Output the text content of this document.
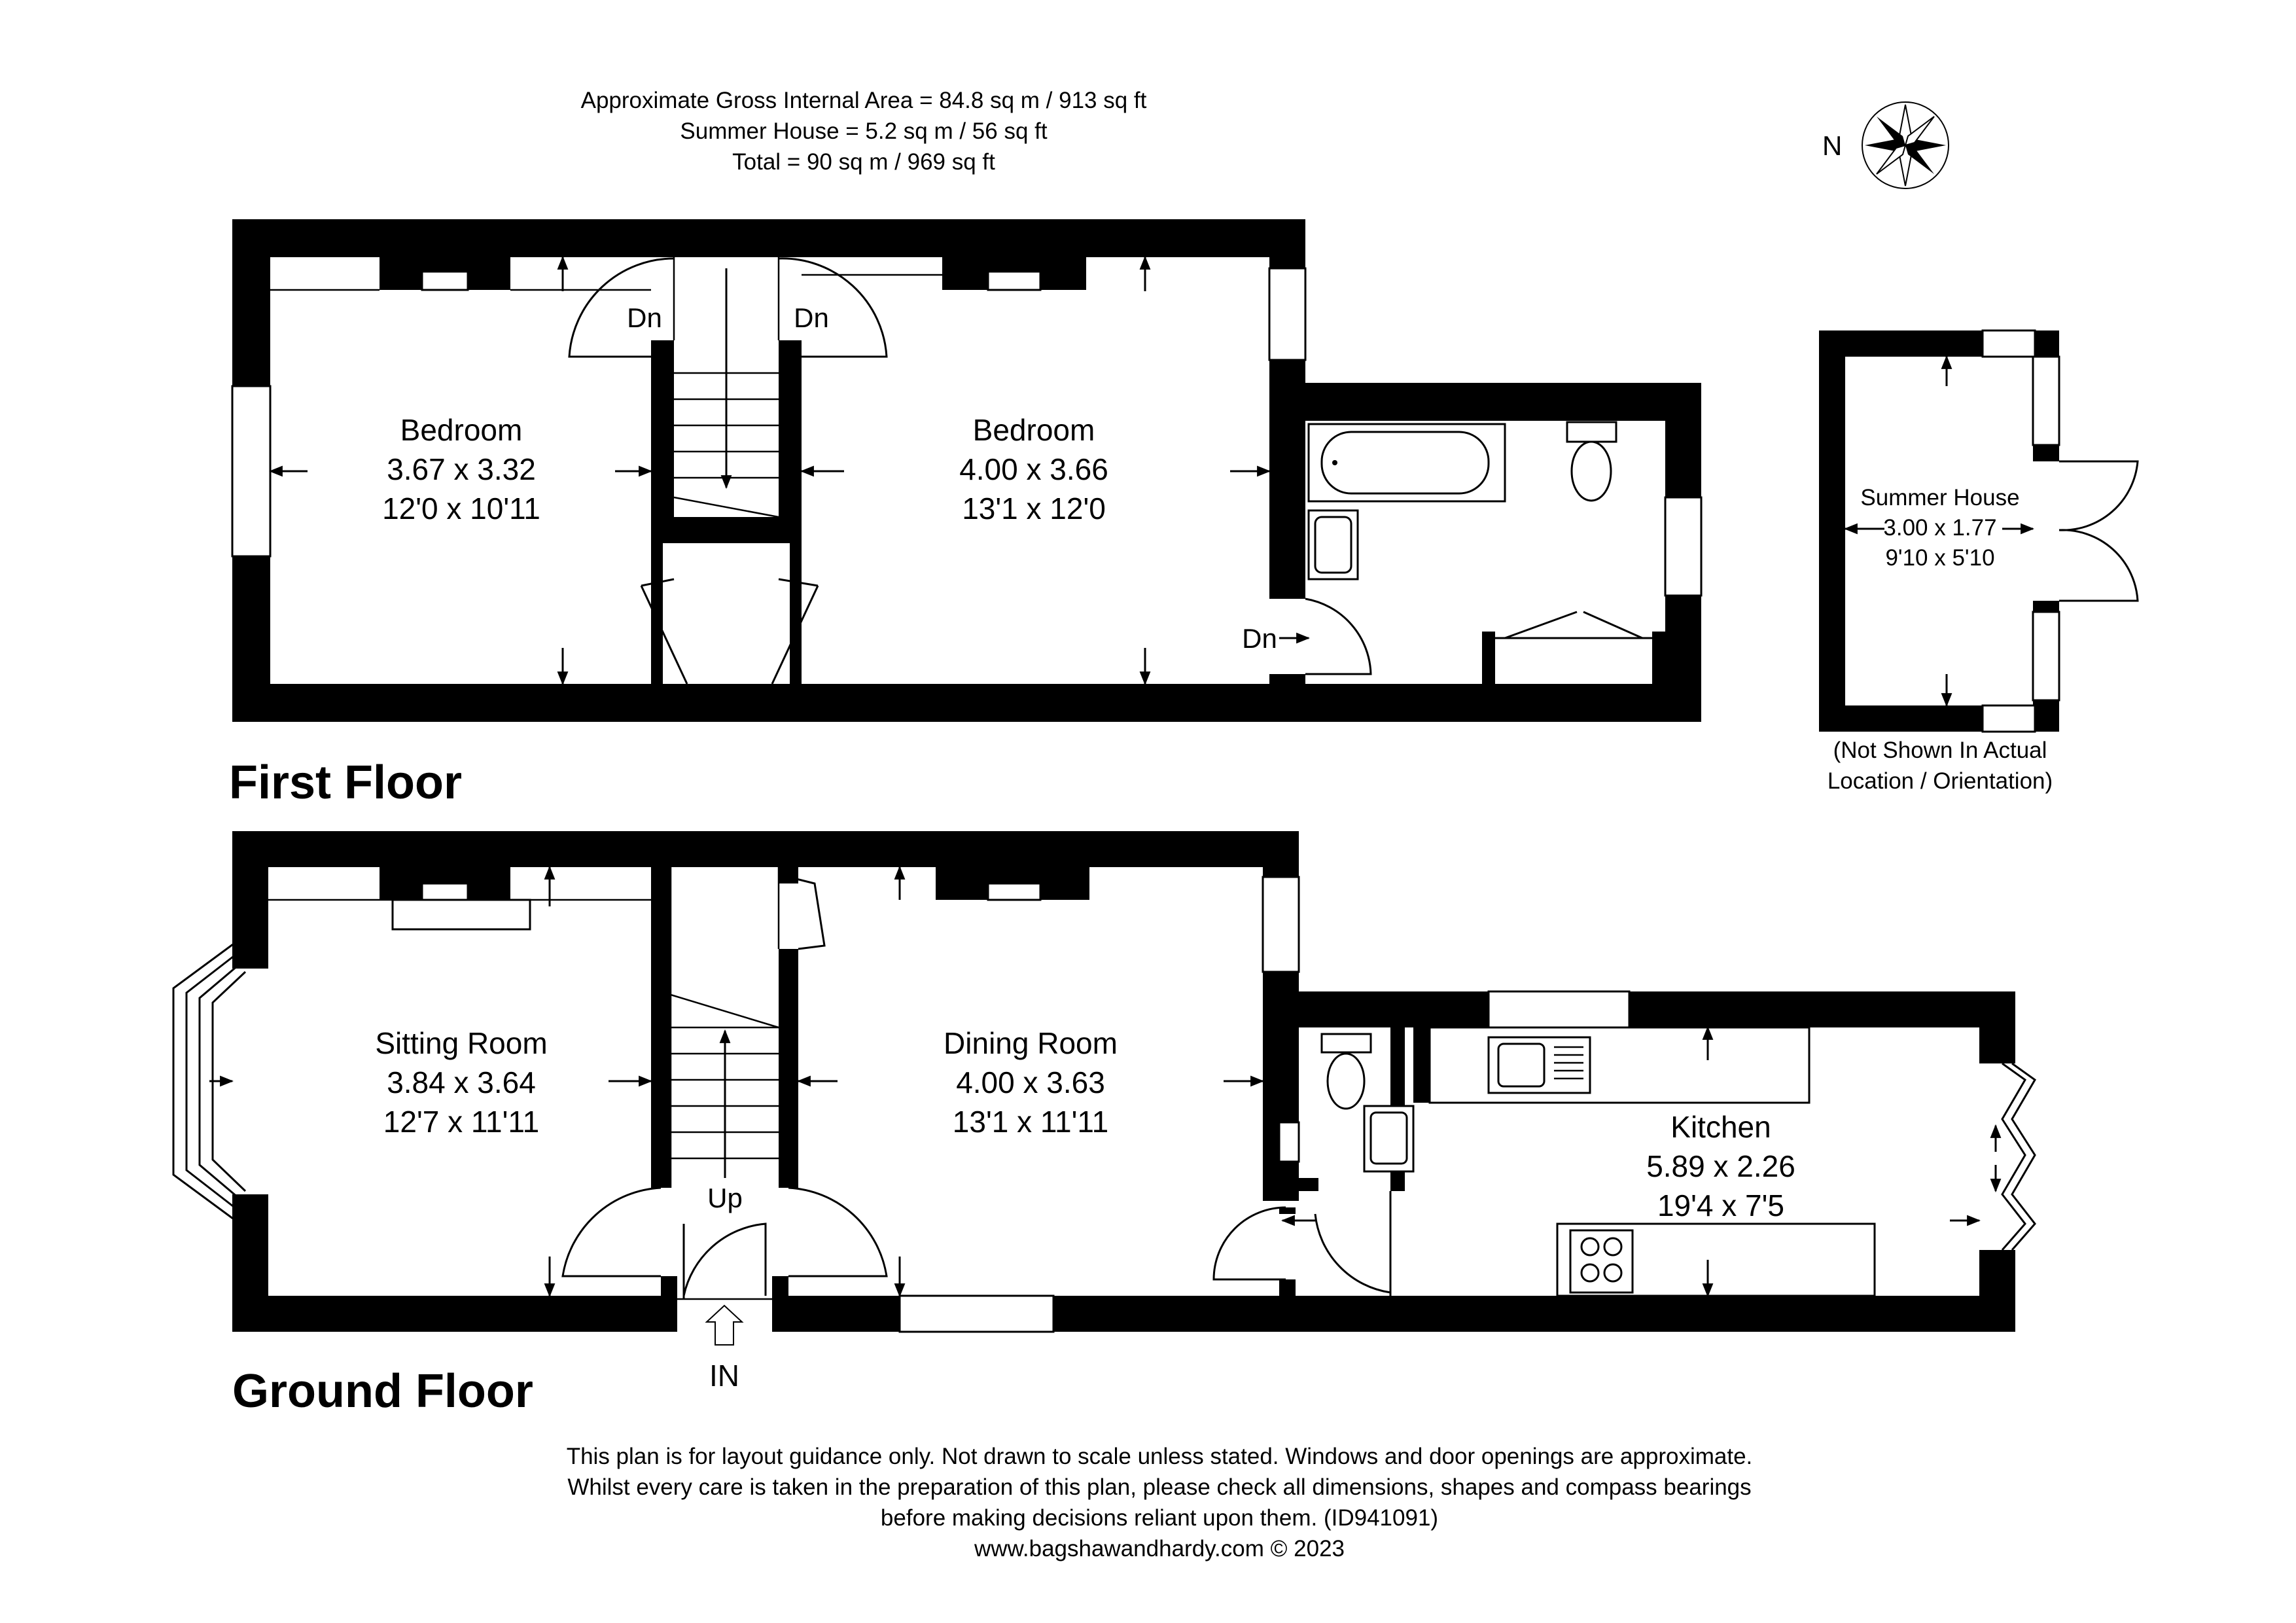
Approximate Gross Internal Area = 84.8 sq m / 913 sq ft
Summer House = 5.2 sq m / 56 sq ft
Total = 90 sq m / 969 sq ft
N
Bedroom
3.67 x 3.32
12'0 x 10'11
Bedroom
4.00 x 3.66
13'1 x 12'0
Dn	Dn
Dn
First Floor
Summer House
3.00 x 1.77
9'10 x 5'10
(Not Shown In Actual
Location / Orientation)
Sitting Room
3.84 x 3.64
12'7 x 11'11
Dining Room
4.00 x 3.63
13'1 x 11'11	Kitchen
5.89 x 2.26
19'4 x 7'5
Up
IN
Ground Floor
This plan is for layout guidance only. Not drawn to scale unless stated. Windows and door openings are approximate.
Whilst every care is taken in the preparation of this plan, please check all dimensions, shapes and compass bearings
before making decisions reliant upon them. (ID941091)
www.bagshawandhardy.com © 2023
